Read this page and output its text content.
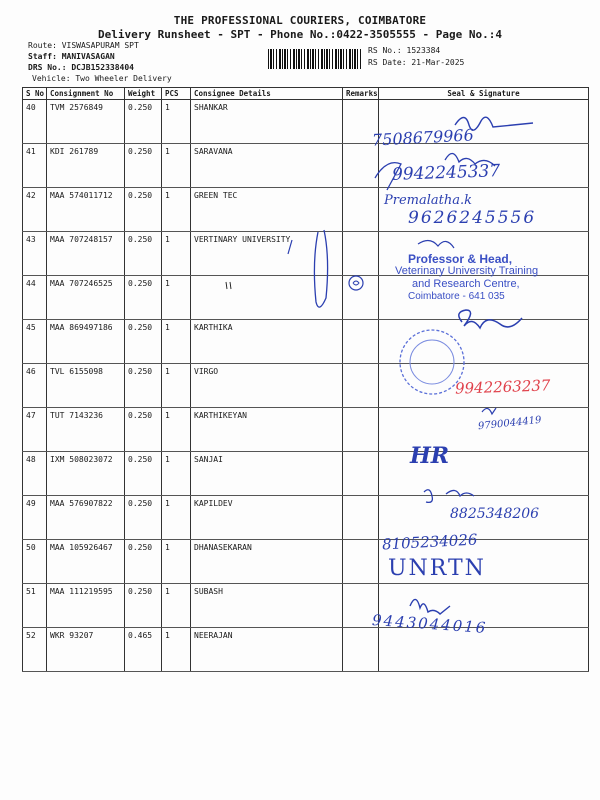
THE PROFESSIONAL COURIERS, COIMBATORE
Delivery Runsheet - SPT - Phone No.:0422-3505555 - Page No.:4
Route: VISWASAPURAM SPT
Staff: MANIVASAGAN
DRS No.: DCJB152338404
Vehicle: Two Wheeler Delivery
RS No.: 1523384
RS Date: 21-Mar-2025
S No	Consignment No	Weight	PCS	Consignee Details	Remarks	Seal & Signature
40	TVM 2576849	0.250	1	SHANKAR		
41	KDI 261789	0.250	1	SARAVANA		
42	MAA 574011712	0.250	1	GREEN TEC		
43	MAA 707248157	0.250	1	VERTINARY UNIVERSITY		
44	MAA 707246525	0.250	1			
45	MAA 869497186	0.250	1	KARTHIKA		
46	TVL 6155098	0.250	1	VIRGO		
47	TUT 7143236	0.250	1	KARTHIKEYAN		
48	IXM 508023072	0.250	1	SANJAI		
49	MAA 576907822	0.250	1	KAPILDEV		
50	MAA 105926467	0.250	1	DHANASEKARAN		
51	MAA 111219595	0.250	1	SUBASH		
52	WKR 93207	0.465	1	NEERAJAN		
7508679966
9942245337
Premalatha.k
9626245556
Professor & Head,
Veterinary University Training
and Research Centre,
Coimbatore - 641 035
9942263237
9790044419
HR
8825348206
8105234026
UNRTN
9443044016
